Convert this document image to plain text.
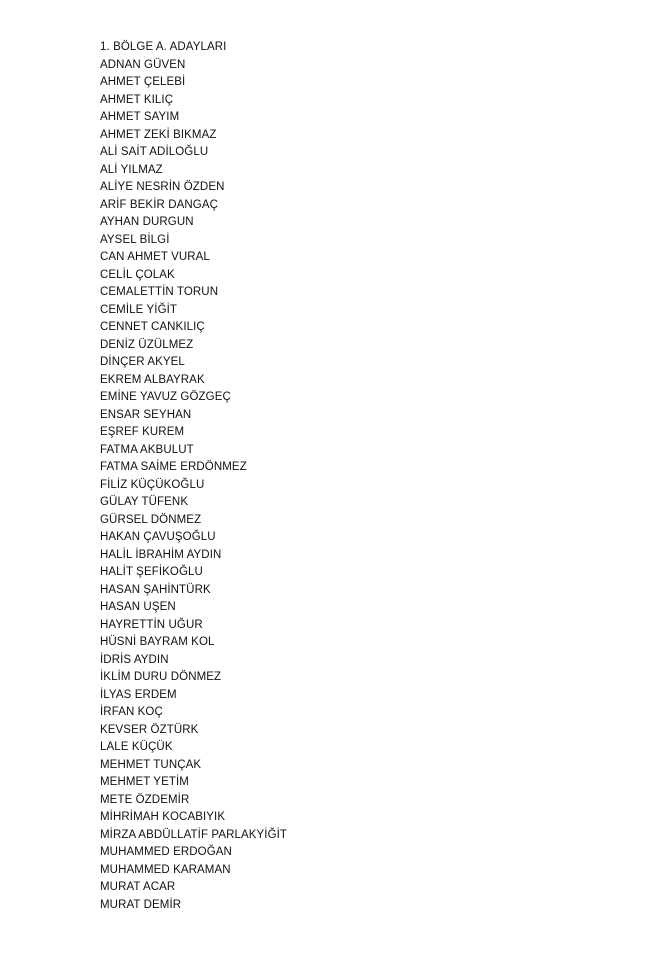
1. BÖLGE A. ADAYLARI
ADNAN GÜVEN
AHMET ÇELEBİ
AHMET KILIÇ
AHMET SAYIM
AHMET ZEKİ BIKMAZ
ALİ SAİT ADİLOĞLU
ALİ YILMAZ
ALİYE NESRİN ÖZDEN
ARİF BEKİR DANGAÇ
AYHAN DURGUN
AYSEL BİLGİ
CAN AHMET VURAL
CELİL ÇOLAK
CEMALETTİN TORUN
CEMİLE YİĞİT
CENNET CANKILIÇ
DENİZ ÜZÜLMEZ
DİNÇER AKYEL
EKREM ALBAYRAK
EMİNE YAVUZ GÖZGEÇ
ENSAR SEYHAN
EŞREF KUREM
FATMA AKBULUT
FATMA SAİME ERDÖNMEZ
FİLİZ KÜÇÜKOĞLU
GÜLAY TÜFENK
GÜRSEL DÖNMEZ
HAKAN ÇAVUŞOĞLU
HALİL İBRAHİM AYDIN
HALİT ŞEFİKOĞLU
HASAN ŞAHİNTÜRK
HASAN UŞEN
HAYRETTİN UĞUR
HÜSNİ BAYRAM KOL
İDRİS AYDIN
İKLİM DURU DÖNMEZ
İLYAS ERDEM
İRFAN KOÇ
KEVSER ÖZTÜRK
LALE KÜÇÜK
MEHMET TUNÇAK
MEHMET YETİM
METE ÖZDEMİR
MİHRİMAH KOCABIYIK
MİRZA ABDÜLLATİF PARLAKYİĞİT
MUHAMMED ERDOĞAN
MUHAMMED KARAMAN
MURAT ACAR
MURAT DEMİR
